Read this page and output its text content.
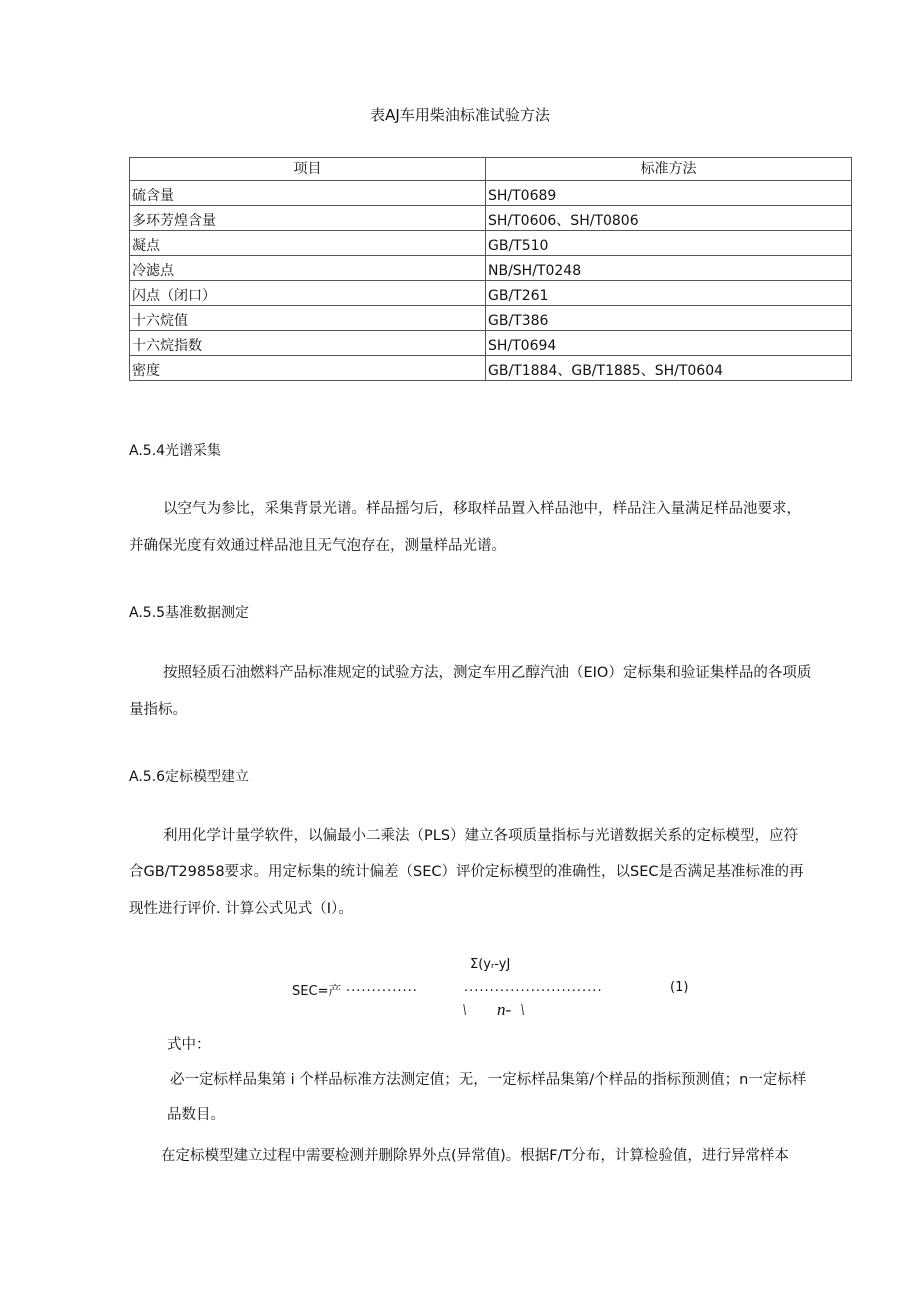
表AJ车用柴油标准试验方法
项目	标准方法
硫含量	SH/T0689
多环芳煌含量	SH/T0606、SH/T0806
凝点	GB/T510
冷滤点	NB/SH/T0248
闪点（闭口）	GB/T261
十六烷值	GB/T386
十六烷指数	SH/T0694
密度	GB/T1884、GB/T1885、SH/T0604
A.5.4光谱采集
以空气为参比，采集背景光谱。样品摇匀后，移取样品置入样品池中，样品注入量满足样品池要求，
并确保光度有效通过样品池且无气泡存在，测量样品光谱。
A.5.5基准数据测定
按照轻质石油燃料产品标准规定的试验方法，测定车用乙醇汽油（EIO）定标集和验证集样品的各项质
量指标。
A.5.6定标模型建立
利用化学计量学软件，以偏最小二乘法（PLS）建立各项质量指标与光谱数据关系的定标模型，应符
合GB/T29858要求。用定标集的统计偏差（SEC）评价定标模型的准确性，以SEC是否满足基准标准的再
现性进行评价. 计算公式见式（I）。
Σ(yᵣ-yJ
SEC=产 ..............	...........................	(1)
\ n- \
式中：
必一定标样品集第 i 个样品标准方法测定值；无，一定标样品集第/个样品的指标预测值；n一定标样
品数目。
在定标模型建立过程中需要检测并删除界外点(异常值)。根据F/T分布，计算检验值，进行异常样本
